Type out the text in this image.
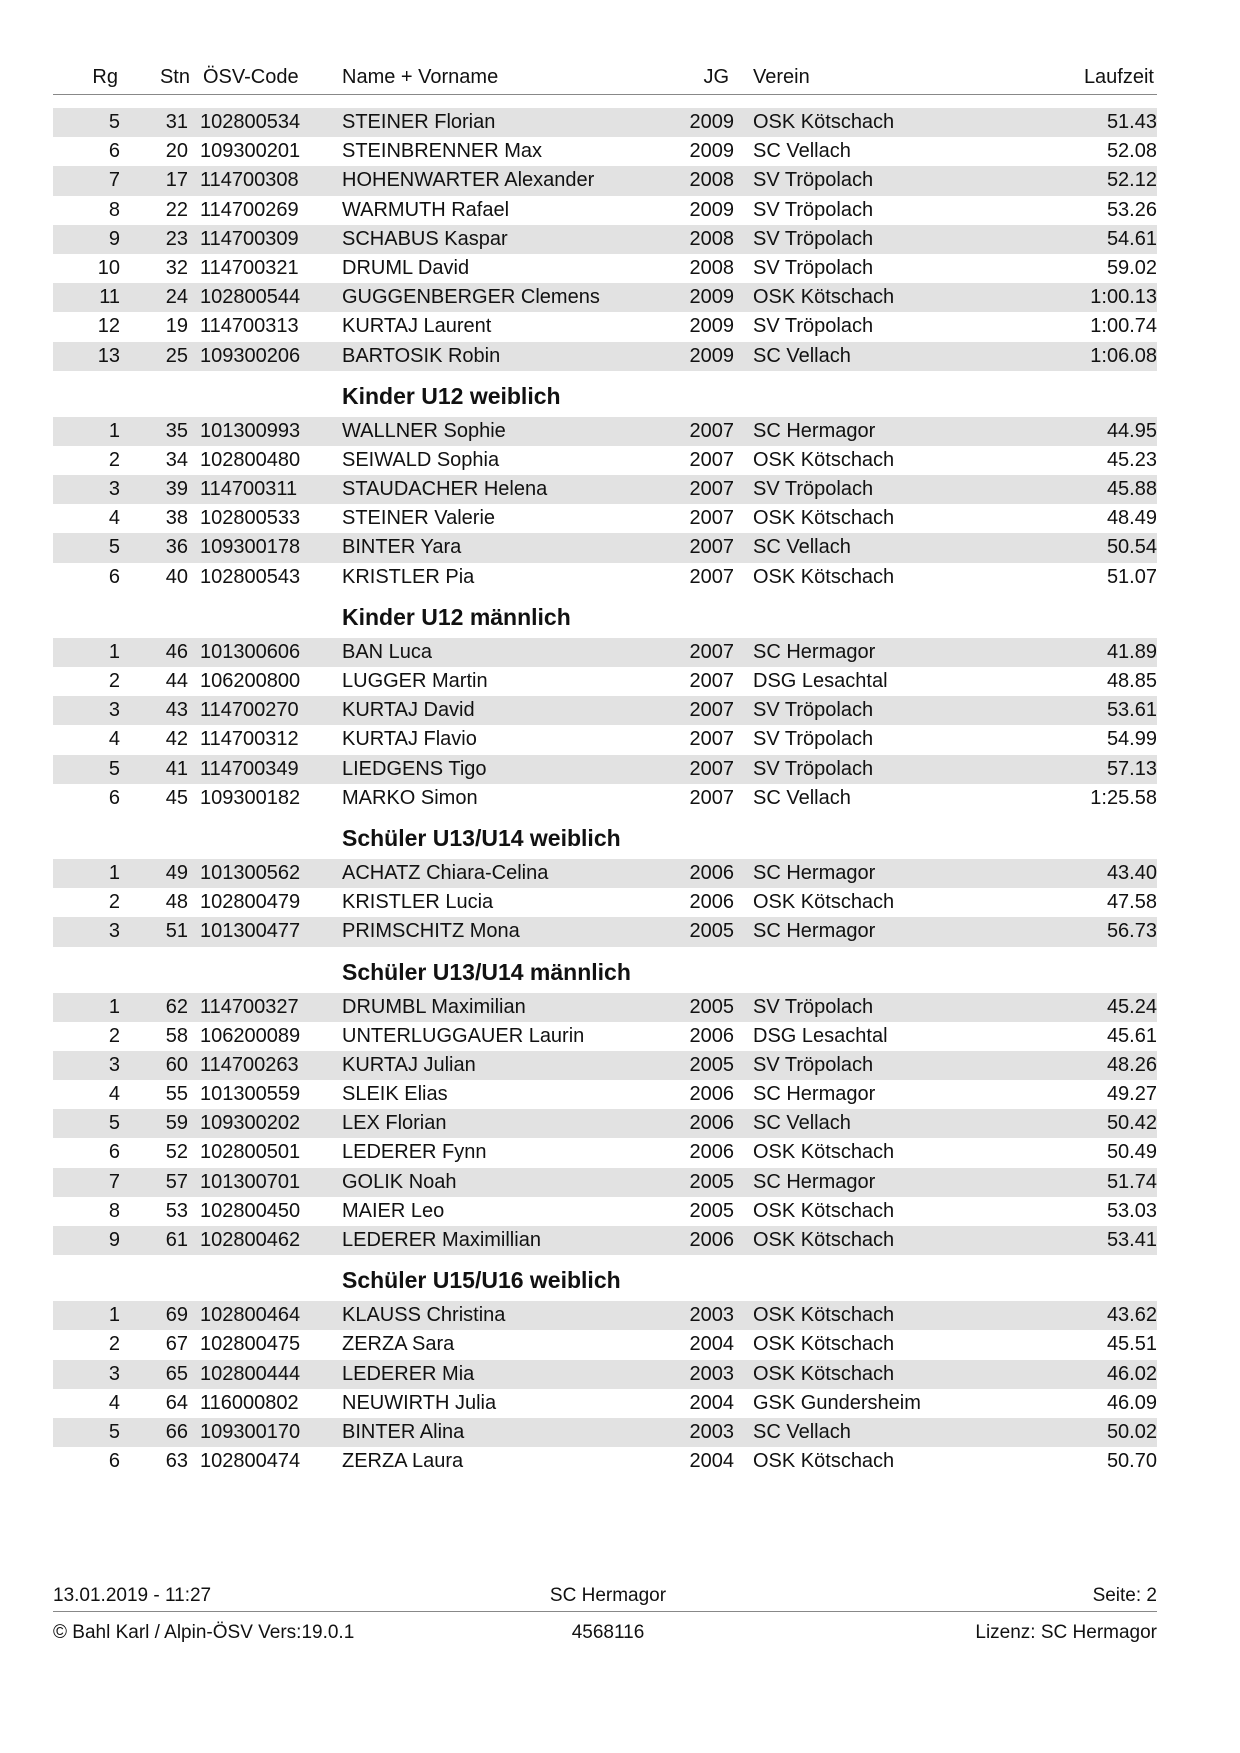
Rg Stn ÖSV-Code Name + Vorname	JG Verein	Laufzeit
5 31 102800534 STEINER Florian	2009 OSK Kötschach	51.43
6 20 109300201 STEINBRENNER Max	2009 SC Vellach	52.08
7 17 114700308 HOHENWARTER Alexander	2008 SV Tröpolach	52.12
8 22 114700269 WARMUTH Rafael	2009 SV Tröpolach	53.26
9 23 114700309 SCHABUS Kaspar	2008 SV Tröpolach	54.61
10 32 114700321 DRUML David	2008 SV Tröpolach	59.02
11 24 102800544 GUGGENBERGER Clemens	2009 OSK Kötschach	1:00.13
12 19 114700313 KURTAJ Laurent	2009 SV Tröpolach	1:00.74
13 25 109300206 BARTOSIK Robin	2009 SC Vellach	1:06.08
Kinder U12 weiblich
1 35 101300993 WALLNER Sophie	2007 SC Hermagor	44.95
2 34 102800480 SEIWALD Sophia	2007 OSK Kötschach	45.23
3 39 114700311 STAUDACHER Helena	2007 SV Tröpolach	45.88
4 38 102800533 STEINER Valerie	2007 OSK Kötschach	48.49
5 36 109300178 BINTER Yara	2007 SC Vellach	50.54
6 40 102800543 KRISTLER Pia	2007 OSK Kötschach	51.07
Kinder U12 männlich
1 46 101300606 BAN Luca	2007 SC Hermagor	41.89
2 44 106200800 LUGGER Martin	2007 DSG Lesachtal	48.85
3 43 114700270 KURTAJ David	2007 SV Tröpolach	53.61
4 42 114700312 KURTAJ Flavio	2007 SV Tröpolach	54.99
5 41 114700349 LIEDGENS Tigo	2007 SV Tröpolach	57.13
6 45 109300182 MARKO Simon	2007 SC Vellach	1:25.58
Schüler U13/U14 weiblich
1 49 101300562 ACHATZ Chiara-Celina	2006 SC Hermagor	43.40
2 48 102800479 KRISTLER Lucia	2006 OSK Kötschach	47.58
3 51 101300477 PRIMSCHITZ Mona	2005 SC Hermagor	56.73
Schüler U13/U14 männlich
1 62 114700327 DRUMBL Maximilian	2005 SV Tröpolach	45.24
2 58 106200089 UNTERLUGGAUER Laurin	2006 DSG Lesachtal	45.61
3 60 114700263 KURTAJ Julian	2005 SV Tröpolach	48.26
4 55 101300559 SLEIK Elias	2006 SC Hermagor	49.27
5 59 109300202 LEX Florian	2006 SC Vellach	50.42
6 52 102800501 LEDERER Fynn	2006 OSK Kötschach	50.49
7 57 101300701 GOLIK Noah	2005 SC Hermagor	51.74
8 53 102800450 MAIER Leo	2005 OSK Kötschach	53.03
9 61 102800462 LEDERER Maximillian	2006 OSK Kötschach	53.41
Schüler U15/U16 weiblich
1 69 102800464 KLAUSS Christina	2003 OSK Kötschach	43.62
2 67 102800475 ZERZA Sara	2004 OSK Kötschach	45.51
3 65 102800444 LEDERER Mia	2003 OSK Kötschach	46.02
4 64 116000802 NEUWIRTH Julia	2004 GSK Gundersheim	46.09
5 66 109300170 BINTER Alina	2003 SC Vellach	50.02
6 63 102800474 ZERZA Laura	2004 OSK Kötschach	50.70
13.01.2019 - 11:27	SC Hermagor	Seite: 2
© Bahl Karl / Alpin-ÖSV Vers:19.0.1	4568116	Lizenz: SC Hermagor
